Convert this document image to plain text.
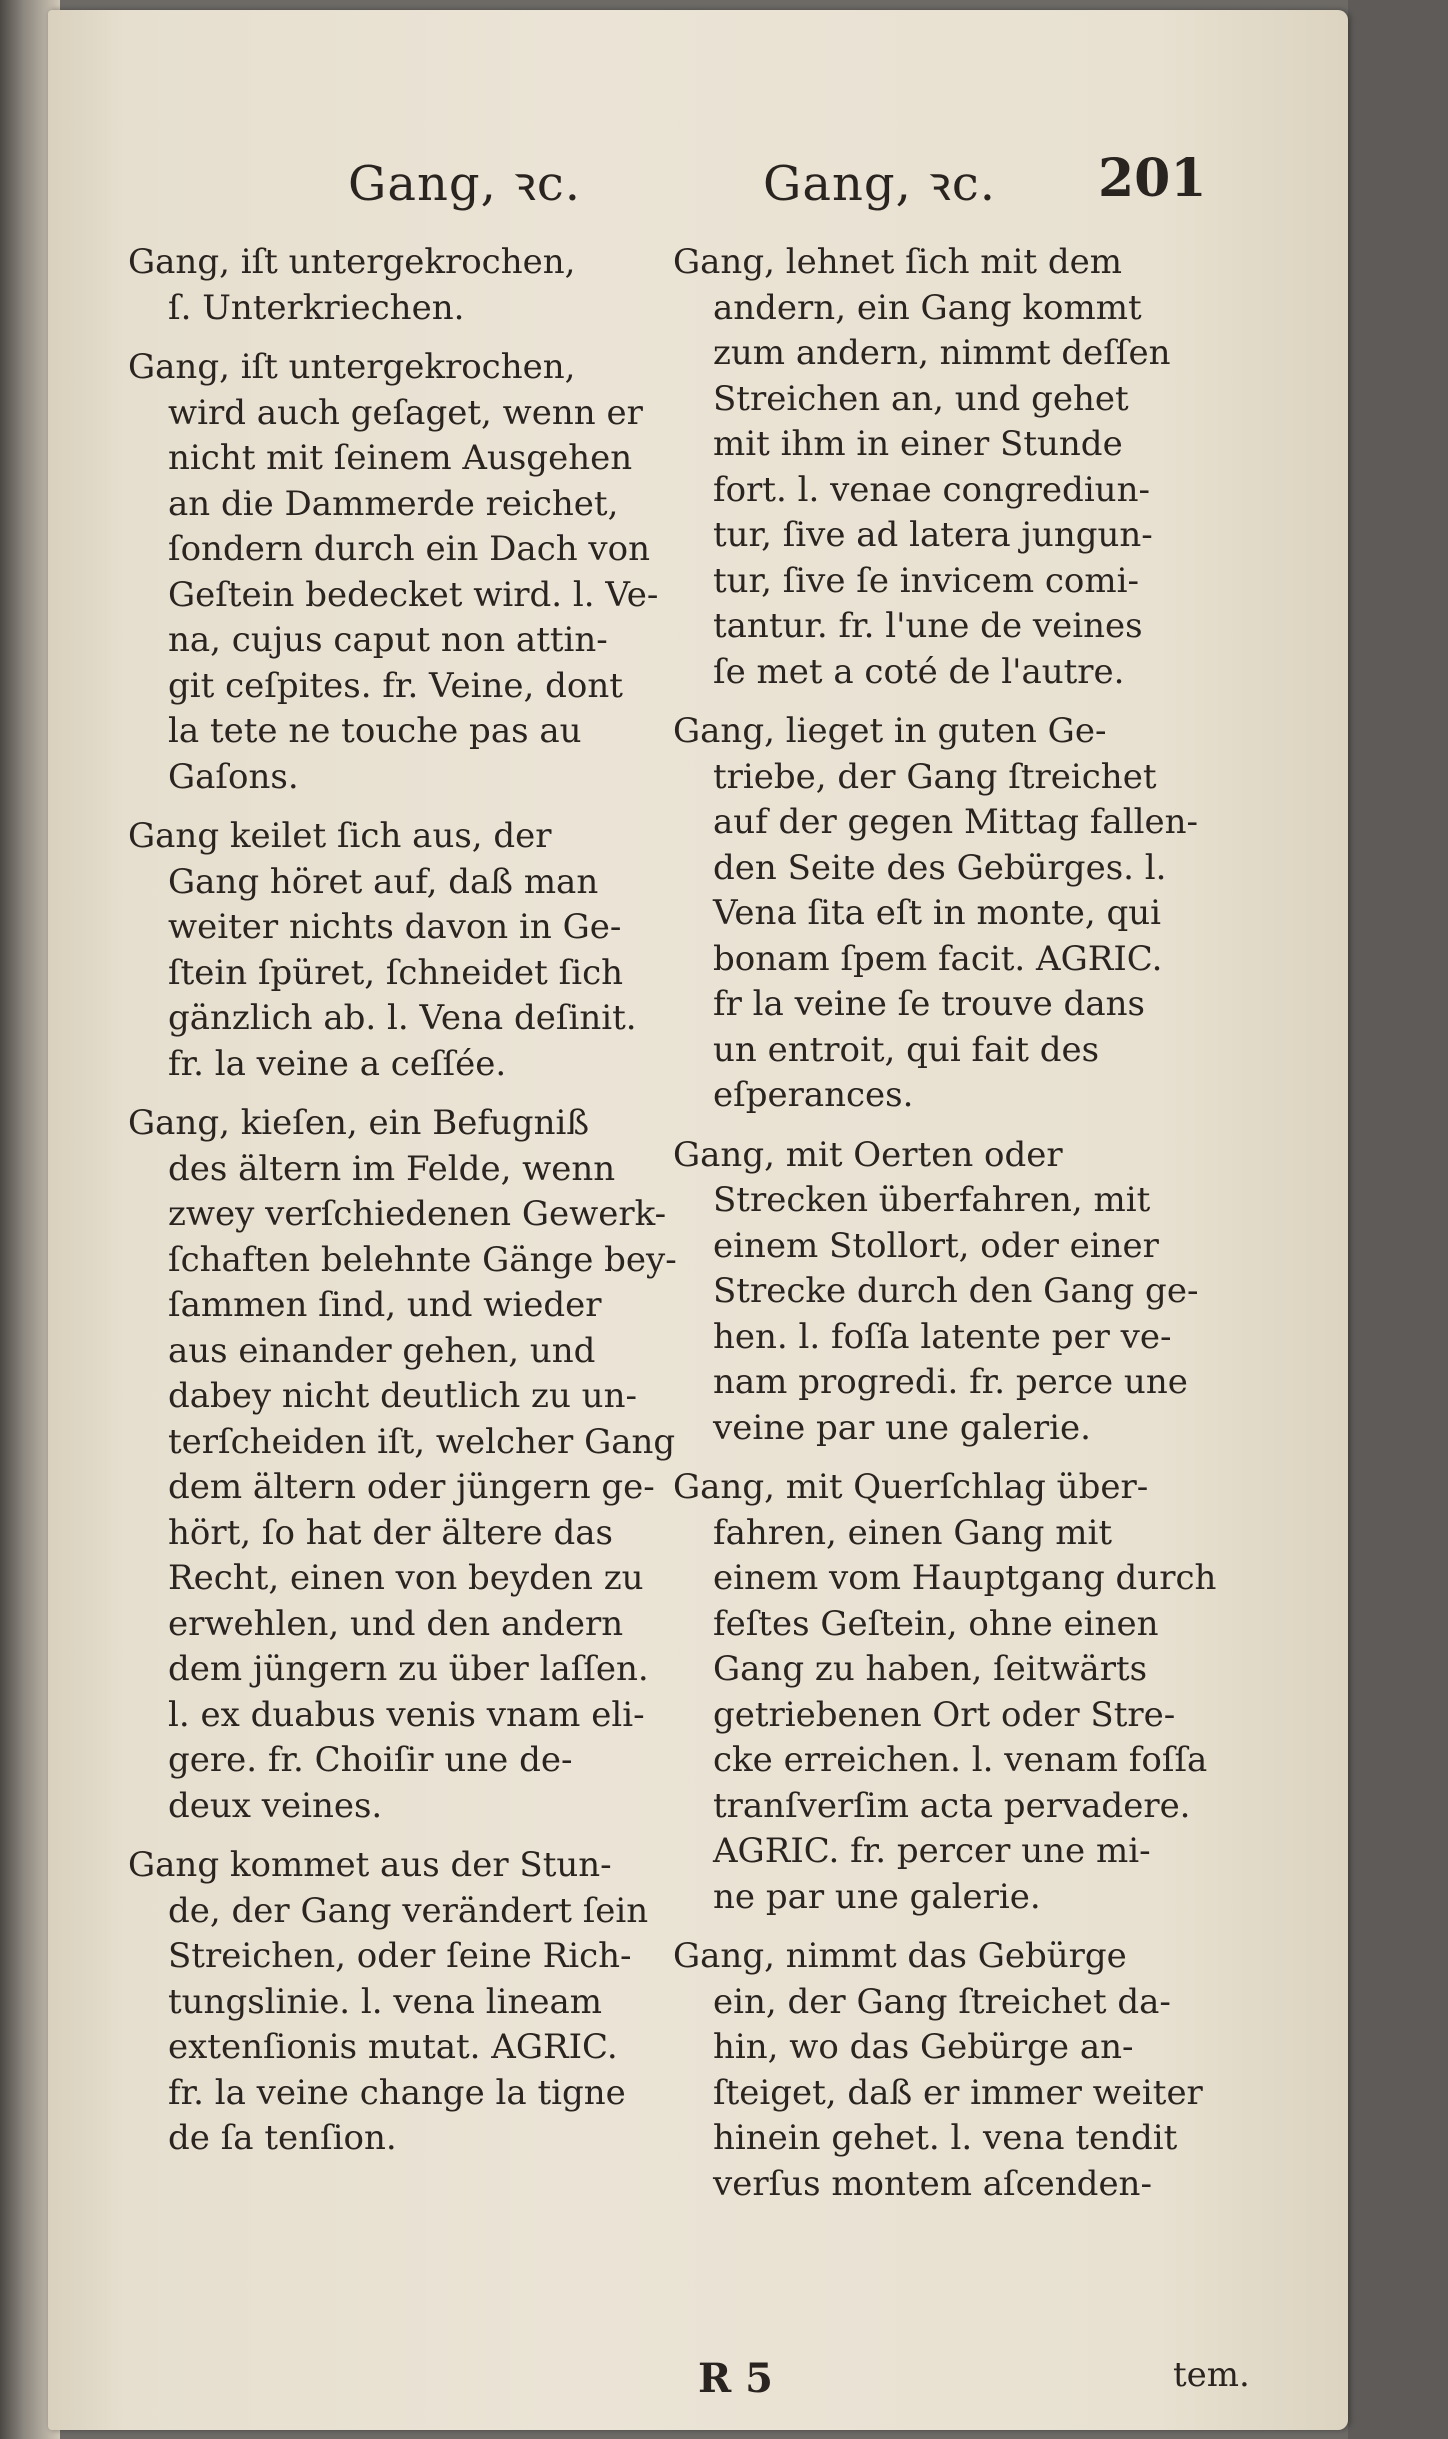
Gang, ꝛc.	Gang, ꝛc. 201
Gang, iſt untergekrochen,
ſ. Unterkriechen.
Gang, iſt untergekrochen,
wird auch geſaget, wenn er
nicht mit ſeinem Ausgehen
an die Dammerde reichet,
ſondern durch ein Dach von
Geſtein bedecket wird. l. Ve-
na, cujus caput non attin-
git ceſpites. fr. Veine, dont
la tete ne touche pas au
Gaſons.
Gang keilet ſich aus, der
Gang höret auf, daß man
weiter nichts davon in Ge-
ſtein ſpüret, ſchneidet ſich
gänzlich ab. l. Vena deſinit.
fr. la veine a ceſſée.
Gang, kieſen, ein Befugniß
des ältern im Felde, wenn
zwey verſchiedenen Gewerk-
ſchaften belehnte Gänge bey-
ſammen ſind, und wieder
aus einander gehen, und
dabey nicht deutlich zu un-
terſcheiden iſt, welcher Gang
dem ältern oder jüngern ge-
hört, ſo hat der ältere das
Recht, einen von beyden zu
erwehlen, und den andern
dem jüngern zu über laſſen.
l. ex duabus venis vnam eli-
gere. fr. Choiſir une de-
deux veines.
Gang kommet aus der Stun-
de, der Gang verändert ſein
Streichen, oder ſeine Rich-
tungslinie. l. vena lineam
extenſionis mutat. AGRIC.
fr. la veine change la tigne
de ſa tenſion.
Gang, lehnet ſich mit dem
andern, ein Gang kommt
zum andern, nimmt deſſen
Streichen an, und gehet
mit ihm in einer Stunde
fort. l. venae congrediun-
tur, ſive ad latera jungun-
tur, ſive ſe invicem comi-
tantur. fr. l'une de veines
ſe met a coté de l'autre.
Gang, lieget in guten Ge-
triebe, der Gang ſtreichet
auf der gegen Mittag fallen-
den Seite des Gebürges. l.
Vena ſita eſt in monte, qui
bonam ſpem facit. AGRIC.
fr la veine ſe trouve dans
un entroit, qui fait des
eſperances.
Gang, mit Oerten oder
Strecken überfahren, mit
einem Stollort, oder einer
Strecke durch den Gang ge-
hen. l. foſſa latente per ve-
nam progredi. fr. perce une
veine par une galerie.
Gang, mit Querſchlag über-
fahren, einen Gang mit
einem vom Hauptgang durch
feſtes Geſtein, ohne einen
Gang zu haben, ſeitwärts
getriebenen Ort oder Stre-
cke erreichen. l. venam foſſa
tranſverſim acta pervadere.
AGRIC. fr. percer une mi-
ne par une galerie.
Gang, nimmt das Gebürge
ein, der Gang ſtreichet da-
hin, wo das Gebürge an-
ſteiget, daß er immer weiter
hinein gehet. l. vena tendit
verſus montem aſcenden-
R 5	tem.
